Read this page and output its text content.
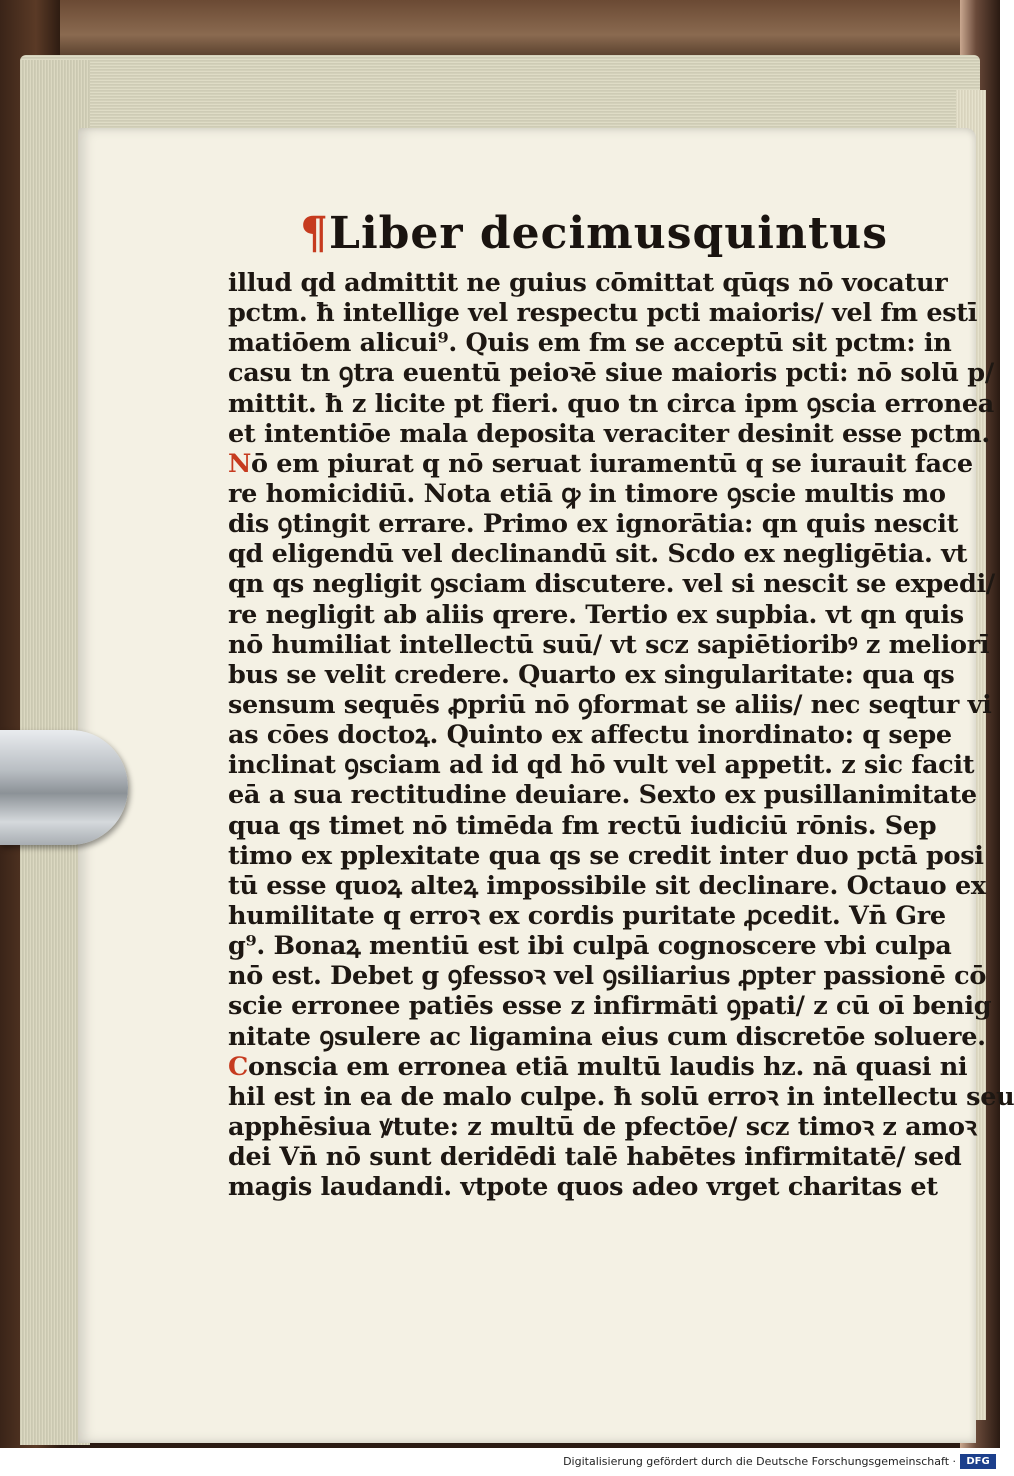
¶Liber decimusquintus
illud qd admittit ne guius cōmittat qūqs nō vocatur
pctm. ħ intellige vel respectu pcti maioris/ vel fm estī
matiōem alicui⁹. Quis em fm se acceptū sit pctm: in
casu tn ꝯtra euentū peioꝛē siue maioris pcti: nō solū p/
mittit. ħ z licite pt fieri. quo tn circa ipm ꝯscia erronea
et intentiōe mala deposita veraciter desinit esse pctm.
Nō em piurat q nō seruat iuramentū q se iurauit face
re homicidiū. Nota etiā ꝙ in timore ꝯscie multis mo
dis ꝯtingit errare. Primo ex ignorātia: qn quis nescit
qd eligendū vel declinandū sit. Scdo ex negligētia. vt
qn qs negligit ꝯsciam discutere. vel si nescit se expedi/
re negligit ab aliis qrere. Tertio ex supbia. vt qn quis
nō humiliat intellectū suū/ vt scz sapiētioribꝰ z meliorī
bus se velit credere. Quarto ex singularitate: qua qs
sensum sequēs ꝓpriū nō ꝯformat se aliis/ nec seqtur vi
as cōes doctoꝝ. Quinto ex affectu inordinato: q sepe
inclinat ꝯsciam ad id qd hō vult vel appetit. z sic facit
eā a sua rectitudine deuiare. Sexto ex pusillanimitate
qua qs timet nō timēda fm rectū iudiciū rōnis. Sep
timo ex pplexitate qua qs se credit inter duo pctā posi
tū esse quoꝝ alteꝝ impossibile sit declinare. Octauo ex
humilitate q erroꝛ ex cordis puritate ꝓcedit. Vn̄ Gre
g⁹. Bonaꝝ mentiū est ibi culpā cognoscere vbi culpa
nō est. Debet g ꝯfessoꝛ vel ꝯsiliarius ꝓpter passionē cō
scie erronee patiēs esse z infirmāti ꝯpati/ z cū oī benig
nitate ꝯsulere ac ligamina eius cum discretōe soluere.
Conscia em erronea etiā multū laudis hz. nā quasi ni
hil est in ea de malo culpe. ħ solū erroꝛ in intellectu seu
apphēsiua ꝟtute: z multū de pfectōe/ scz timoꝛ z amoꝛ
dei Vn̄ nō sunt deridēdi talē habētes infirmitatē/ sed
magis laudandi. vtpote quos adeo vrget charitas et
Digitalisierung gefördert durch die Deutsche Forschungsgemeinschaft ·	DFG
